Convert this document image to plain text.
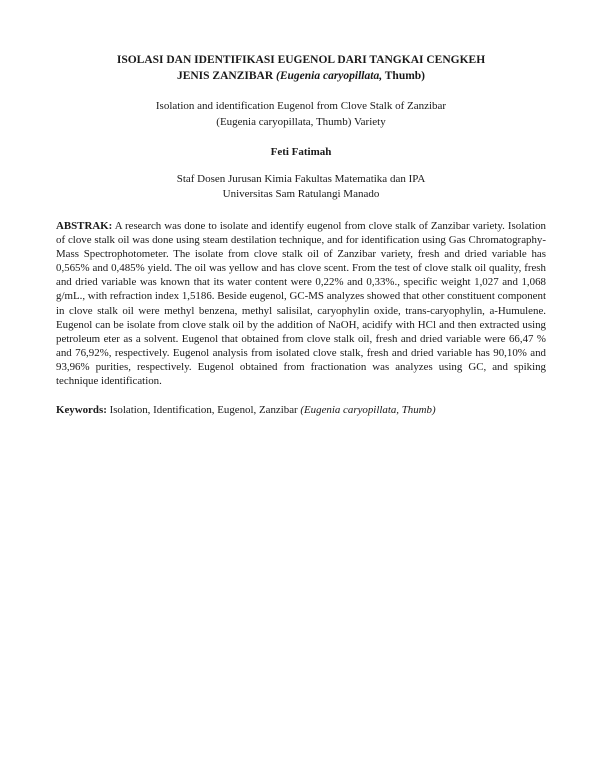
ISOLASI DAN IDENTIFIKASI EUGENOL DARI TANGKAI CENGKEH
JENIS ZANZIBAR (Eugenia caryopillata, Thumb)

Isolation and identification Eugenol from Clove Stalk of Zanzibar
(Eugenia caryopillata, Thumb) Variety

Feti Fatimah

Staf Dosen Jurusan Kimia Fakultas Matematika dan IPA
Universitas Sam Ratulangi Manado

ABSTRAK: A research was done to isolate and identify eugenol from clove stalk of Zanzibar variety. Isolation of clove stalk oil was done using steam destilation technique, and for identification using Gas Chromatography-Mass Spectrophotometer. The isolate from clove stalk oil of Zanzibar variety, fresh and dried variable has 0,565% and 0,485% yield. The oil was yellow and has clove scent. From the test of clove stalk oil quality, fresh and dried variable was known that its water content were 0,22% and 0,33%., specific weight 1,027 and 1,068 g/mL., with refraction index 1,5186. Beside eugenol, GC-MS analyzes showed that other constituent component in clove stalk oil were methyl benzena, methyl salisilat, caryophylin oxide, trans-caryophylin, a-Humulene. Eugenol can be isolate from clove stalk oil by the addition of NaOH, acidify with HCl and then extracted using petroleum eter as a solvent. Eugenol that obtained from clove stalk oil, fresh and dried variable were 66,47 % and 76,92%, respectively. Eugenol analysis from isolated clove stalk, fresh and dried variable has 90,10% and 93,96% purities, respectively. Eugenol obtained from fractionation was analyzes using GC, and spiking technique identification.

Keywords: Isolation, Identification, Eugenol, Zanzibar (Eugenia caryopillata, Thumb)
